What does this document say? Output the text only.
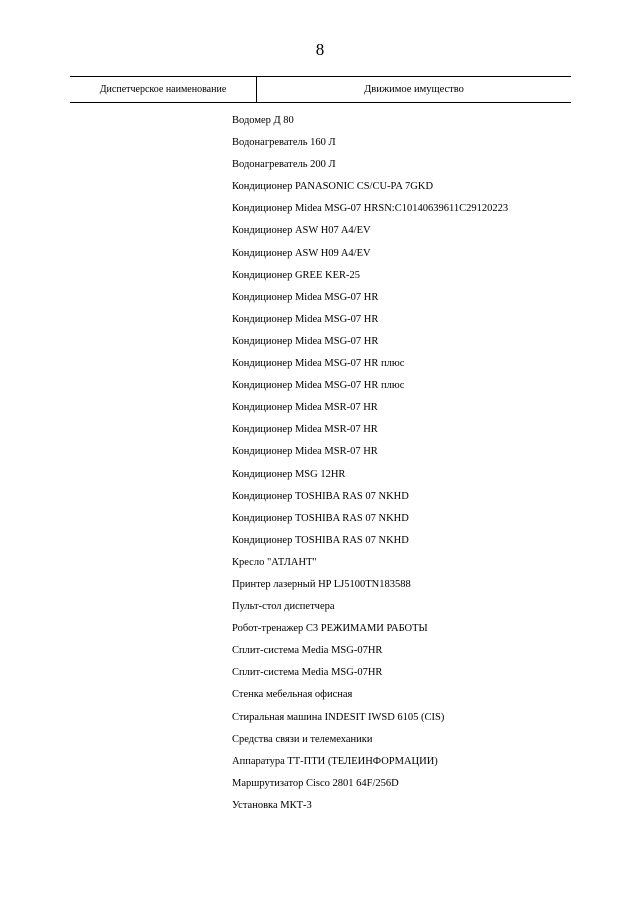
8
Диспетчерское наименование	Движимое имущество
Водомер Д 80
Водонагреватель 160 Л
Водонагреватель 200 Л
Кондиционер PANASONIC CS/CU-PA 7GKD
Кондиционер Midea MSG-07 HRSN:C10140639611C29120223
Кондиционер ASW H07 A4/EV
Кондиционер ASW H09 A4/EV
Кондиционер GREE KER-25
Кондиционер Midea MSG-07 HR
Кондиционер Midea MSG-07 HR
Кондиционер Midea MSG-07 HR
Кондиционер Midea MSG-07 HR плюс
Кондиционер Midea MSG-07 HR плюс
Кондиционер Midea MSR-07 HR
Кондиционер Midea MSR-07 HR
Кондиционер Midea MSR-07 HR
Кондиционер MSG 12HR
Кондиционер TOSHIBA RAS 07 NKHD
Кондиционер TOSHIBA RAS 07 NKHD
Кондиционер TOSHIBA RAS 07 NKHD
Кресло "АТЛАНТ"
Принтер лазерный HP LJ5100TN183588
Пульт-стол диспетчера
Робот-тренажер С3 РЕЖИМАМИ РАБОТЫ
Сплит-система Media MSG-07HR
Сплит-система Media MSG-07HR
Стенка мебельная офисная
Стиральная машина INDESIT IWSD 6105 (CIS)
Средства связи и телемеханики
Аппаратура ТТ-ПТИ (ТЕЛЕИНФОРМАЦИИ)
Маршрутизатор Cisco 2801 64F/256D
Установка МКТ-3
